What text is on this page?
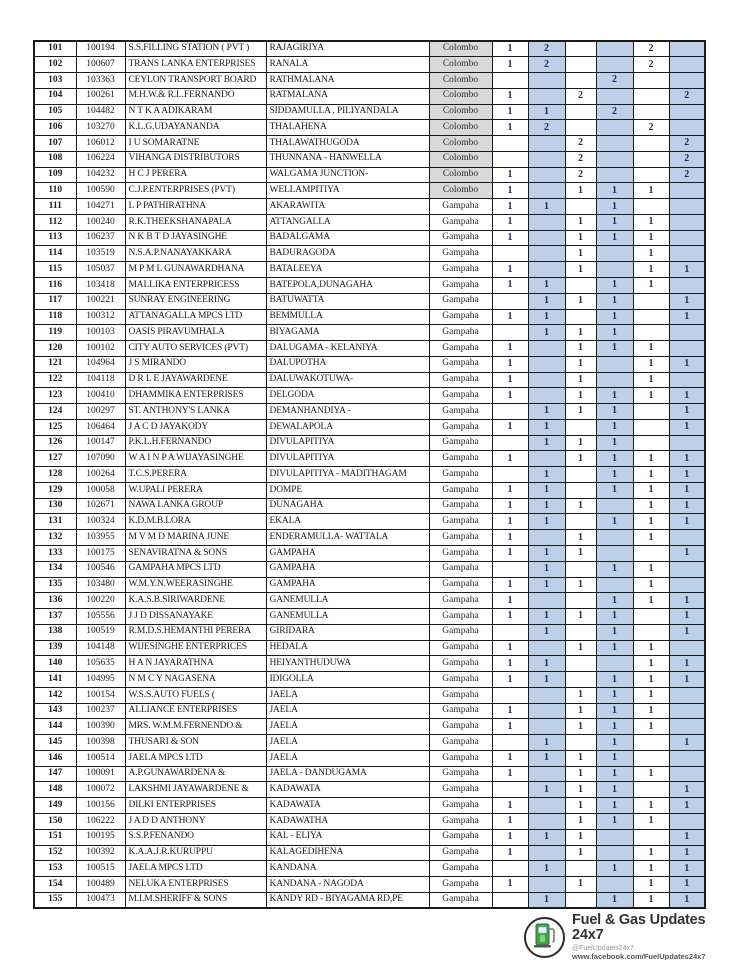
101	100194	S.S.FILLING STATION ( PVT )	RAJAGIRIYA	Colombo	1	2			2	
102	100607	TRANS LANKA ENTERPRISES	RANALA	Colombo	1	2			2	
103	103363	CEYLON TRANSPORT BOARD	RATHMALANA	Colombo				2		
104	100261	M.H.W.& R.L.FERNANDO	RATMALANA	Colombo	1		2			2
105	104482	N T K A ADIKARAM	SIDDAMULLA , PILIYANDALA	Colombo	1	1		2		
106	103270	K.L.G.UDAYANANDA	THALAHENA	Colombo	1	2			2	
107	106012	I U SOMARATNE	THALAWATHUGODA	Colombo			2			2
108	106224	VIHANGA DISTRIBUTORS	THUNNANA - HANWELLA	Colombo			2			2
109	104232	H C J PERERA	WALGAMA JUNCTION-	Colombo	1		2			2
110	100590	C.J.P.ENTERPRISES (PVT)	WELLAMPITIYA	Colombo	1		1	1	1	
111	104271	L P PATHIRATHNA	AKARAWITA	Gampaha	1	1		1		
112	100240	R.K.THEEKSHANAPALA	ATTANGALLA	Gampaha	1		1	1	1	
113	106237	N K B T D JAYASINGHE	BADALGAMA	Gampaha	1		1	1	1	
114	103519	N.S.A.P.NANAYAKKARA	BADURAGODA	Gampaha			1		1	
115	105037	M P M L GUNAWARDHANA	BATALEEYA	Gampaha	1		1		1	1
116	103418	MALLIKA ENTERPRICESS	BATEPOLA,DUNAGAHA	Gampaha	1	1		1	1	
117	100221	SUNRAY ENGINEERING	BATUWATTA	Gampaha		1	1	1		1
118	100312	ATTANAGALLA MPCS LTD	BEMMULLA	Gampaha	1	1		1		1
119	100103	OASIS PIRAVUMHALA	BIYAGAMA	Gampaha		1	1	1		
120	100102	CITY AUTO SERVICES (PVT)	DALUGAMA - KELANIYA	Gampaha	1		1	1	1	
121	104964	J S MIRANDO	DALUPOTHA	Gampaha	1		1		1	1
122	104118	D R L E JAYAWARDENE	DALUWAKOTUWA-	Gampaha	1		1		1	
123	100410	DHAMMIKA ENTERPRISES	DELGODA	Gampaha	1		1	1	1	1
124	100297	ST. ANTHONY'S LANKA	DEMANHANDIYA -	Gampaha		1	1	1		1
125	106464	J A C D JAYAKODY	DEWALAPOLA	Gampaha	1	1		1		1
126	100147	P.K.L.H.FERNANDO	DIVULAPITIYA	Gampaha		1	1	1		
127	107090	W A I N P A WIJAYASINGHE	DIVULAPITIYA	Gampaha	1		1	1	1	1
128	100264	T.C.S.PERERA	DIVULAPITIYA - MADITHAGAM	Gampaha		1		1	1	1
129	100058	W.UPALI PERERA	DOMPE	Gampaha	1	1		1	1	1
130	102671	NAWA LANKA GROUP	DUNAGAHA	Gampaha	1	1	1		1	1
131	100324	K.D.M.B.LORA	EKALA	Gampaha	1	1		1	1	1
132	103955	M V M D MARINA JUNE	ENDERAMULLA- WATTALA	Gampaha	1		1		1	
133	100175	SENAVIRATNA & SONS	GAMPAHA	Gampaha	1	1	1			1
134	100546	GAMPAHA MPCS LTD	GAMPAHA	Gampaha		1		1	1	
135	103480	W.M.Y.N.WEERASINGHE	GAMPAHA	Gampaha	1	1	1		1	
136	100220	K.A.S.B.SIRIWARDENE	GANEMULLA	Gampaha	1			1	1	1
137	105556	J J D DISSANAYAKE	GANEMULLA	Gampaha	1	1	1	1		1
138	100519	R.M.D.S.HEMANTHI PERERA	GIRIDARA	Gampaha		1		1		1
139	104148	WIJESINGHE ENTERPRICES	HEDALA	Gampaha	1		1	1	1	
140	105635	H A N JAYARATHNA	HEIYANTHUDUWA	Gampaha	1	1			1	1
141	104995	N M C Y NAGASENA	IDIGOLLA	Gampaha	1	1		1	1	1
142	100154	W.S.S.AUTO FUELS (	JAELA	Gampaha			1	1	1	
143	100237	ALLIANCE ENTERPRISES	JAELA	Gampaha	1		1	1	1	
144	100390	MRS. W.M.M.FERNENDO &	JAELA	Gampaha	1		1	1	1	
145	100398	THUSARI & SON	JAELA	Gampaha		1		1		1
146	100514	JAELA MPCS LTD	JAELA	Gampaha	1	1	1	1		
147	100091	A.P.GUNAWARDENA &	JAELA - DANDUGAMA	Gampaha	1		1	1	1	
148	100072	LAKSHMI JAYAWARDENE &	KADAWATA	Gampaha		1	1	1		1
149	100156	DILKI ENTERPRISES	KADAWATA	Gampaha	1		1	1	1	1
150	106222	J A D D ANTHONY	KADAWATHA	Gampaha	1		1	1	1	
151	100195	S.S.P.FENANDO	KAL - ELIYA	Gampaha	1	1	1			1
152	100392	K.A.A.J.R.KURUPPU	KALAGEDIHENA	Gampaha	1		1		1	1
153	100515	JAELA MPCS LTD	KANDANA	Gampaha		1		1	1	1
154	100489	NELUKA ENTERPRISES	KANDANA - NAGODA	Gampaha	1		1		1	1
155	100473	M.I.M.SHERIFF & SONS	KANDY RD - BIYAGAMA RD,PE	Gampaha		1		1	1	1
Fuel & Gas Updates 24x7
@FuelUpdates24x7
www.facebook.com/FuelUpdates24x7
